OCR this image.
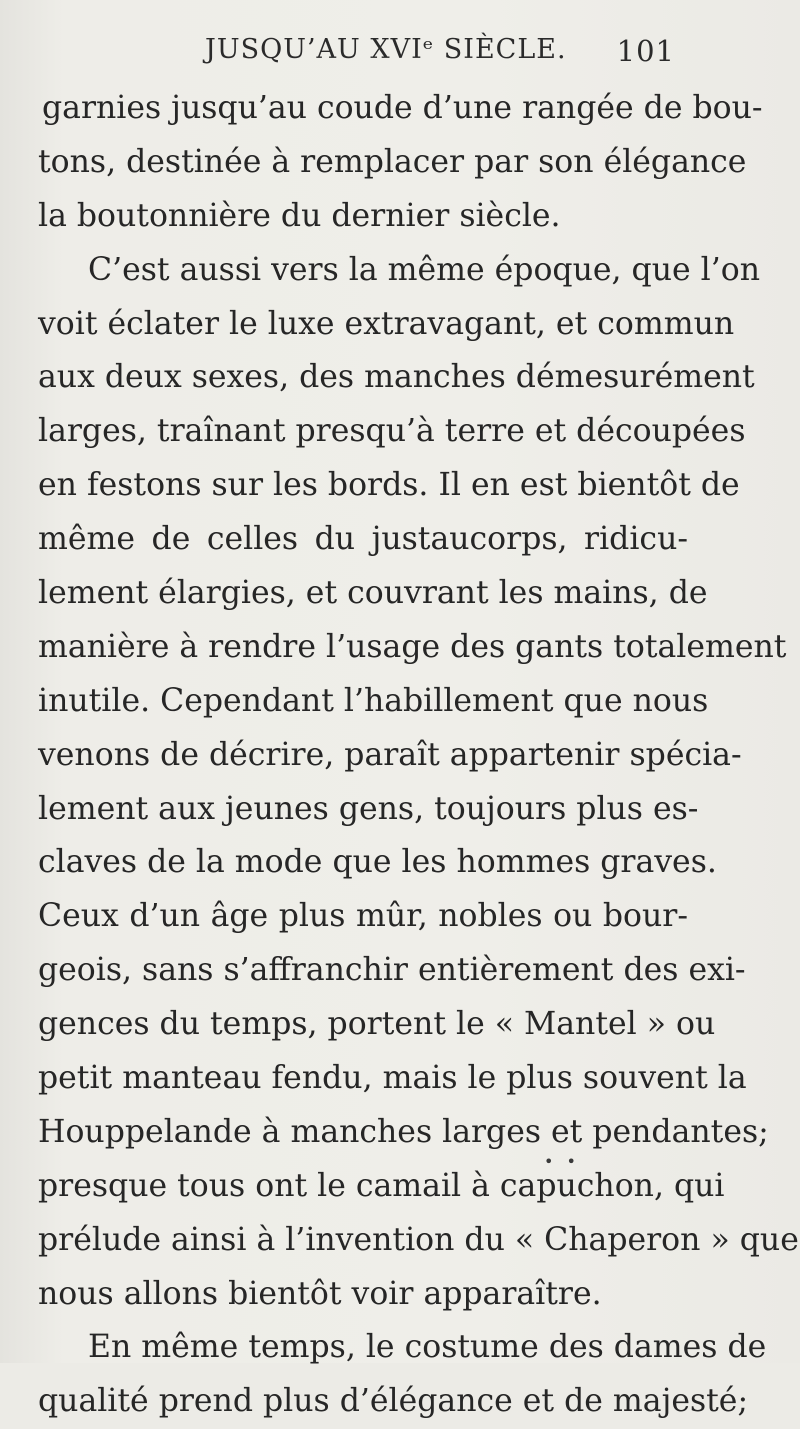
JUSQU’AU XVIᵉ SIÈCLE. 101
garnies jusqu’au coude d’une rangée de bou-
tons, destinée à remplacer par son élégance
la boutonnière du dernier siècle.
C’est aussi vers la même époque, que l’on
voit éclater le luxe extravagant, et commun
aux deux sexes, des manches démesurément
larges, traînant presqu’à terre et découpées
en festons sur les bords. Il en est bientôt de
même de celles du justaucorps, ridicu-
lement élargies, et couvrant les mains, de
manière à rendre l’usage des gants totalement
inutile. Cependant l’habillement que nous
venons de décrire, paraît appartenir spécia-
lement aux jeunes gens, toujours plus es-
claves de la mode que les hommes graves.
Ceux d’un âge plus mûr, nobles ou bour-
geois, sans s’affranchir entièrement des exi-
gences du temps, portent le « Mantel » ou
petit manteau fendu, mais le plus souvent la
Houppelande à manches larges et pendantes;
presque tous ont le camail à capuchon, qui
prélude ainsi à l’invention du « Chaperon » que
nous allons bientôt voir apparaître.
En même temps, le costume des dames de
qualité prend plus d’élégance et de majesté;
• •
